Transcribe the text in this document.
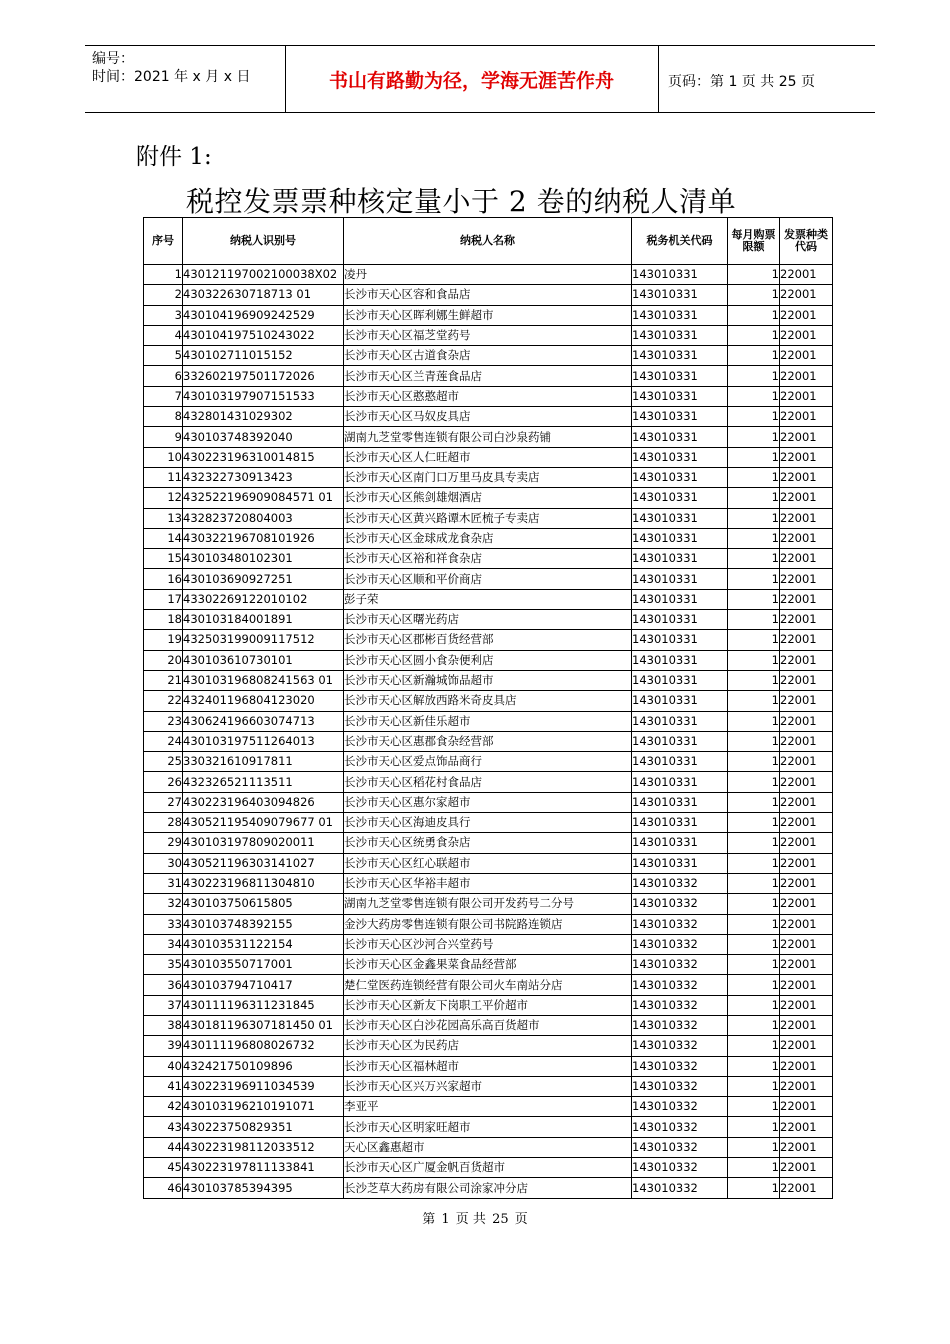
编号：
时间：2021 年 x 月 x 日	书山有路勤为径，学海无涯苦作舟	页码：第 1 页 共 25 页
附件 1:
税控发票票种核定量小于 2 卷的纳税人清单
序号	纳税人识别号	纳税人名称	税务机关代码	每月购票限额	发票种类代码
1	430121197002100038X02	凌丹	143010331	1	22001
2	430322630718713 01	长沙市天心区容和食品店	143010331	1	22001
3	430104196909242529	长沙市天心区晖利娜生鲜超市	143010331	1	22001
4	430104197510243022	长沙市天心区福芝堂药号	143010331	1	22001
5	430102711015152	长沙市天心区古道食杂店	143010331	1	22001
6	332602197501172026	长沙市天心区兰青莲食品店	143010331	1	22001
7	430103197907151533	长沙市天心区憨憨超市	143010331	1	22001
8	432801431029302	长沙市天心区马奴皮具店	143010331	1	22001
9	430103748392040	湖南九芝堂零售连锁有限公司白沙泉药铺	143010331	1	22001
10	430223196310014815	长沙市天心区人仁旺超市	143010331	1	22001
11	432322730913423	长沙市天心区南门口万里马皮具专卖店	143010331	1	22001
12	432522196909084571 01	长沙市天心区熊剑雄烟酒店	143010331	1	22001
13	432823720804003	长沙市天心区黄兴路谭木匠梳子专卖店	143010331	1	22001
14	430322196708101926	长沙市天心区金球成龙食杂店	143010331	1	22001
15	430103480102301	长沙市天心区裕和祥食杂店	143010331	1	22001
16	430103690927251	长沙市天心区顺和平价商店	143010331	1	22001
17	43302269122010102	彭子荣	143010331	1	22001
18	430103184001891	长沙市天心区曙光药店	143010331	1	22001
19	432503199009117512	长沙市天心区郡彬百货经营部	143010331	1	22001
20	430103610730101	长沙市天心区圆小食杂便利店	143010331	1	22001
21	430103196808241563 01	长沙市天心区新瀚城饰品超市	143010331	1	22001
22	432401196804123020	长沙市天心区解放西路米奇皮具店	143010331	1	22001
23	430624196603074713	长沙市天心区新佳乐超市	143010331	1	22001
24	430103197511264013	长沙市天心区惠郡食杂经营部	143010331	1	22001
25	330321610917811	长沙市天心区爱点饰品商行	143010331	1	22001
26	432326521113511	长沙市天心区稻花村食品店	143010331	1	22001
27	430223196403094826	长沙市天心区惠尔家超市	143010331	1	22001
28	430521195409079677 01	长沙市天心区海迪皮具行	143010331	1	22001
29	430103197809020011	长沙市天心区统勇食杂店	143010331	1	22001
30	430521196303141027	长沙市天心区红心联超市	143010331	1	22001
31	430223196811304810	长沙市天心区华裕丰超市	143010332	1	22001
32	430103750615805	湖南九芝堂零售连锁有限公司开发药号二分号	143010332	1	22001
33	430103748392155	金沙大药房零售连锁有限公司书院路连锁店	143010332	1	22001
34	430103531122154	长沙市天心区沙河合兴堂药号	143010332	1	22001
35	430103550717001	长沙市天心区金鑫果菜食品经营部	143010332	1	22001
36	430103794710417	楚仁堂医药连锁经营有限公司火车南站分店	143010332	1	22001
37	430111196311231845	长沙市天心区新友下岗职工平价超市	143010332	1	22001
38	430181196307181450 01	长沙市天心区白沙花园高乐高百货超市	143010332	1	22001
39	430111196808026732	长沙市天心区为民药店	143010332	1	22001
40	432421750109896	长沙市天心区福林超市	143010332	1	22001
41	430223196911034539	长沙市天心区兴万兴家超市	143010332	1	22001
42	430103196210191071	李亚平	143010332	1	22001
43	430223750829351	长沙市天心区明家旺超市	143010332	1	22001
44	430223198112033512	天心区鑫惠超市	143010332	1	22001
45	430223197811133841	长沙市天心区广厦金帆百货超市	143010332	1	22001
46	430103785394395	长沙芝草大药房有限公司涂家冲分店	143010332	1	22001
第 1 页 共 25 页
